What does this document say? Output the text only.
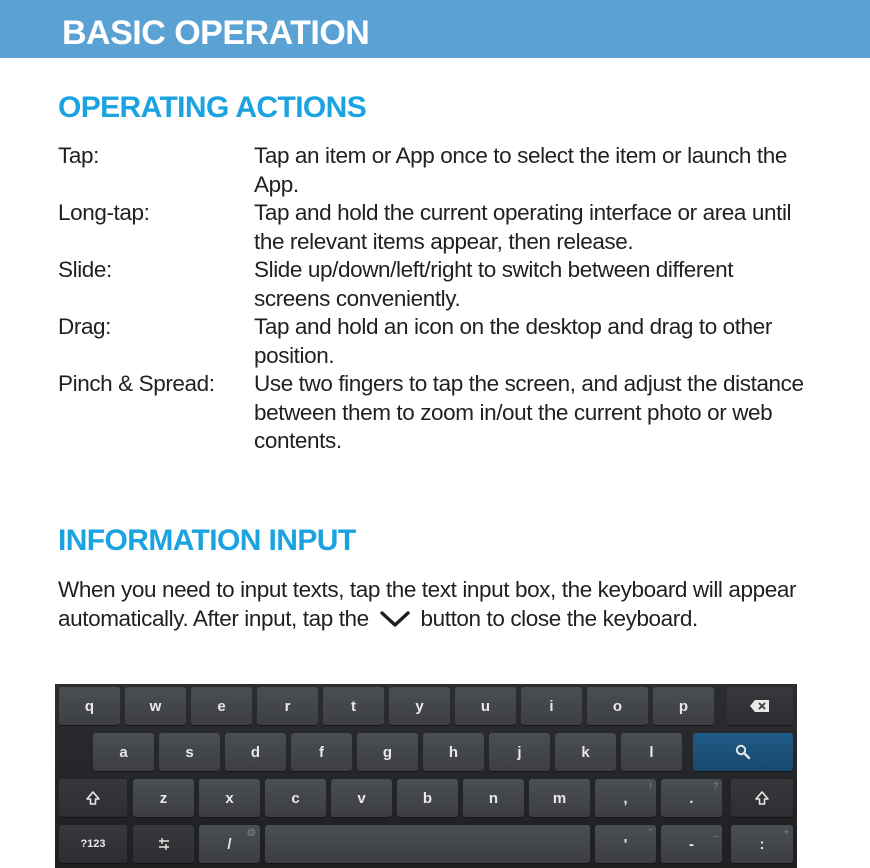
BASIC OPERATION
OPERATING ACTIONS
Tap:	Tap an item or App once to select the item or launch the App.
Long-tap:	Tap and hold the current operating interface or area until the relevant items appear, then release.
Slide:	Slide up/down/left/right to switch between different screens conveniently.
Drag:	Tap and hold an icon on the desktop and drag to other position.
Pinch & Spread:	Use two fingers to tap the screen, and adjust the distance between them to zoom in/out the current photo or web contents.
INFORMATION INPUT
When you need to input texts, tap the text input box, the keyboard will appear automatically. After input, tap the button to close the keyboard.
q	w	e	r	t	y	u	i	o	p
a	s	d	f	g	h	j	k	l
z	x	c	v	b	n	m	,
!
.
?
?123	/
@
'
"
-
_
:
+
